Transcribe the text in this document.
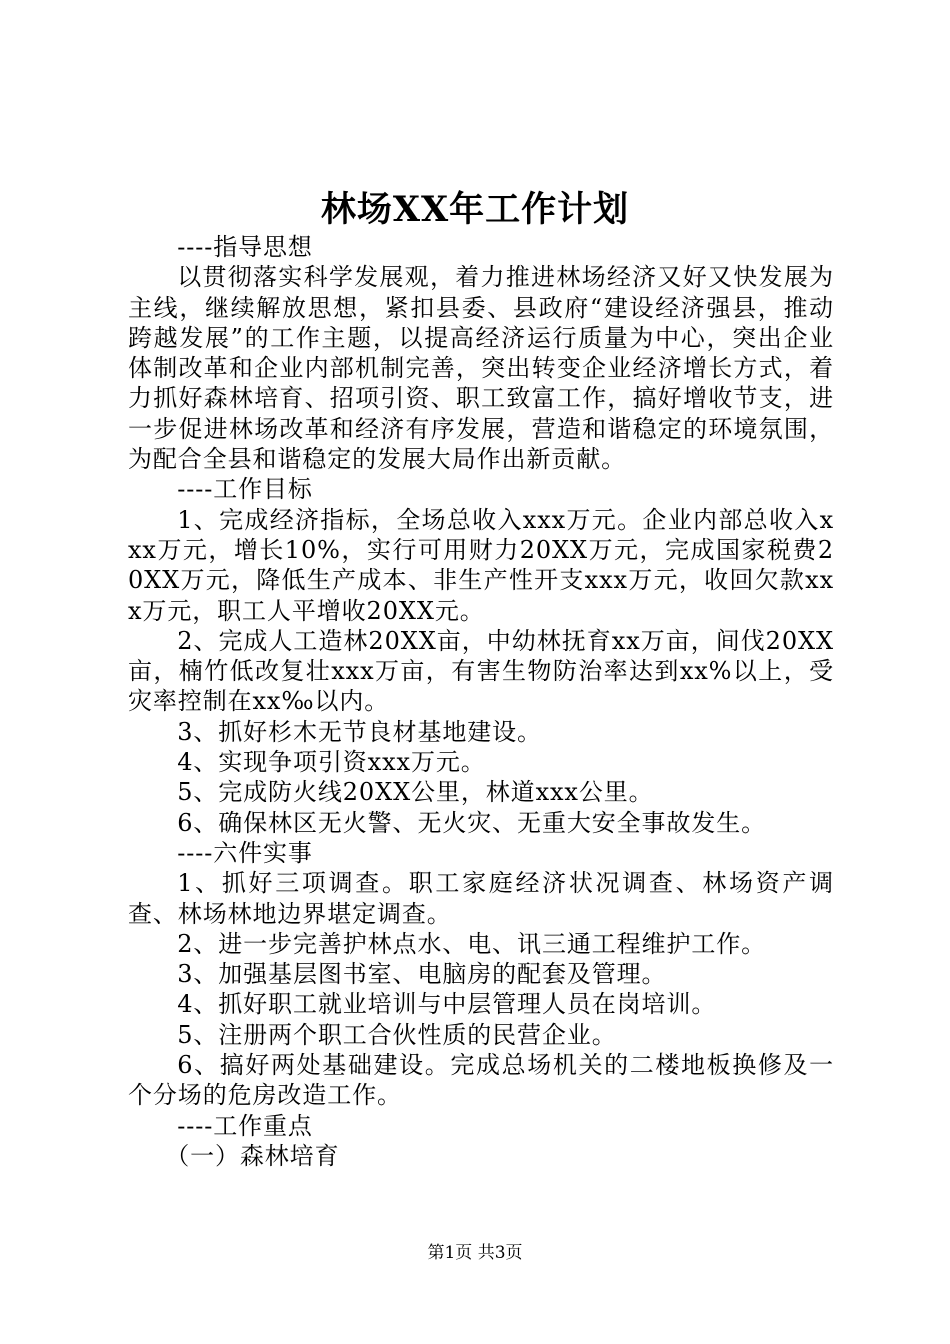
林场XX年工作计划

----指导思想

以贯彻落实科学发展观，着力推进林场经济又好又快发展为主线，继续解放思想，紧扣县委、县政府“建设经济强县，推动跨越发展”的工作主题，以提高经济运行质量为中心，突出企业体制改革和企业内部机制完善，突出转变企业经济增长方式，着力抓好森林培育、招项引资、职工致富工作，搞好增收节支，进一步促进林场改革和经济有序发展，营造和谐稳定的环境氛围，为配合全县和谐稳定的发展大局作出新贡献。

----工作目标

1、完成经济指标，全场总收入xxx万元。企业内部总收入xxx万元，增长10%，实行可用财力20XX万元，完成国家税费20XX万元，降低生产成本、非生产性开支xxx万元，收回欠款xxx万元，职工人平增收20XX元。

2、完成人工造林20XX亩，中幼林抚育xx万亩，间伐20XX亩，楠竹低改复壮xxx万亩，有害生物防治率达到xx%以上，受灾率控制在xx‰以内。

3、抓好杉木无节良材基地建设。

4、实现争项引资xxx万元。

5、完成防火线20XX公里，林道xxx公里。

6、确保林区无火警、无火灾、无重大安全事故发生。

----六件实事

1、抓好三项调查。职工家庭经济状况调查、林场资产调查、林场林地边界堪定调查。

2、进一步完善护林点水、电、讯三通工程维护工作。

3、加强基层图书室、电脑房的配套及管理。

4、抓好职工就业培训与中层管理人员在岗培训。

5、注册两个职工合伙性质的民营企业。

6、搞好两处基础建设。完成总场机关的二楼地板换修及一个分场的危房改造工作。

----工作重点

（一）森林培育

第1页 共3页
